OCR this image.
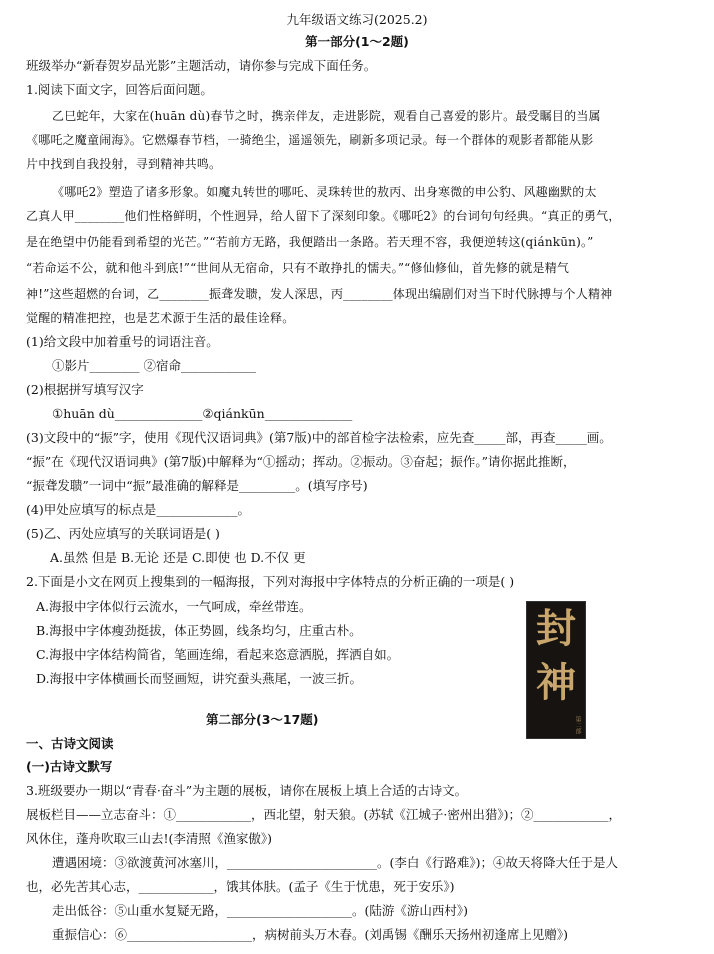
九年级语文练习(2025.2)
第一部分(1～2题)
班级举办“新春贺岁品光影”主题活动，请你参与完成下面任务。
1.阅读下面文字，回答后面问题。
乙巳蛇年，大家在(huān dù)春节之时，携亲伴友，走进影院，观看自己喜爱的影片。最受瞩目的当属
《哪吒之魔童闹海》。它燃爆春节档，一骑绝尘，遥遥领先，刷新多项记录。每一个群体的观影者都能从影
片中找到自我投射，寻到精神共鸣。
《哪吒2》塑造了诸多形象。如魔丸转世的哪吒、灵珠转世的敖丙、出身寒微的申公豹、风趣幽默的太
乙真人甲________他们性格鲜明，个性迥异，给人留下了深刻印象。《哪吒2》的台词句句经典。“真正的勇气，
是在绝望中仍能看到希望的光芒。”“若前方无路，我便踏出一条路。若天理不容，我便逆转这(qiánkūn)。”
“若命运不公，就和他斗到底!”“世间从无宿命，只有不敢挣扎的懦夫。”“修仙修仙，首先修的就是精气
神!”这些超燃的台词，乙________振聋发聩，发人深思，丙________体现出编剧们对当下时代脉搏与个人精神
觉醒的精准把控，也是艺术源于生活的最佳诠释。
(1)给文段中加着重号的词语注音。
①影片________ ②宿命____________
(2)根据拼写填写汉字
①huān dù______________②qiánkūn______________
(3)文段中的“振”字，使用《现代汉语词典》(第7版)中的部首检字法检索，应先查_____部，再查_____画。
“振”在《现代汉语词典》(第7版)中解释为“①摇动；挥动。②振动。③奋起；振作。”请你据此推断，
“振聋发聩”一词中“振”最准确的解释是_________。(填写序号)
(4)甲处应填写的标点是_____________。
(5)乙、丙处应填写的关联词语是( )
A.虽然 但是 B.无论 还是 C.即使 也 D.不仅 更
2.下面是小文在网页上搜集到的一幅海报，下列对海报中字体特点的分析正确的一项是( )
A.海报中字体似行云流水，一气呵成，牵丝带连。
B.海报中字体瘦劲挺拔，体正势圆，线条均匀，庄重古朴。
C.海报中字体结构简省，笔画连绵，看起来恣意洒脱，挥洒自如。
D.海报中字体横画长而竖画短，讲究蚕头燕尾，一波三折。
封
神
第二部
第二部分(3～17题)
一、古诗文阅读
(一)古诗文默写
3.班级要办一期以“青春·奋斗”为主题的展板，请你在展板上填上合适的古诗文。
展板栏目——立志奋斗：①____________，西北望，射天狼。(苏轼《江城子·密州出猎》)；②____________，
风休住，蓬舟吹取三山去!(李清照《渔家傲》)
遭遇困境：③欲渡黄河冰塞川，________________________。(李白《行路难》)；④故天将降大任于是人
也，必先苦其心志，____________，饿其体肤。(孟子《生于忧患，死于安乐》)
走出低谷：⑤山重水复疑无路，____________________。(陆游《游山西村》)
重振信心：⑥____________________，病树前头万木春。(刘禹锡《酬乐天扬州初逢席上见赠》)
